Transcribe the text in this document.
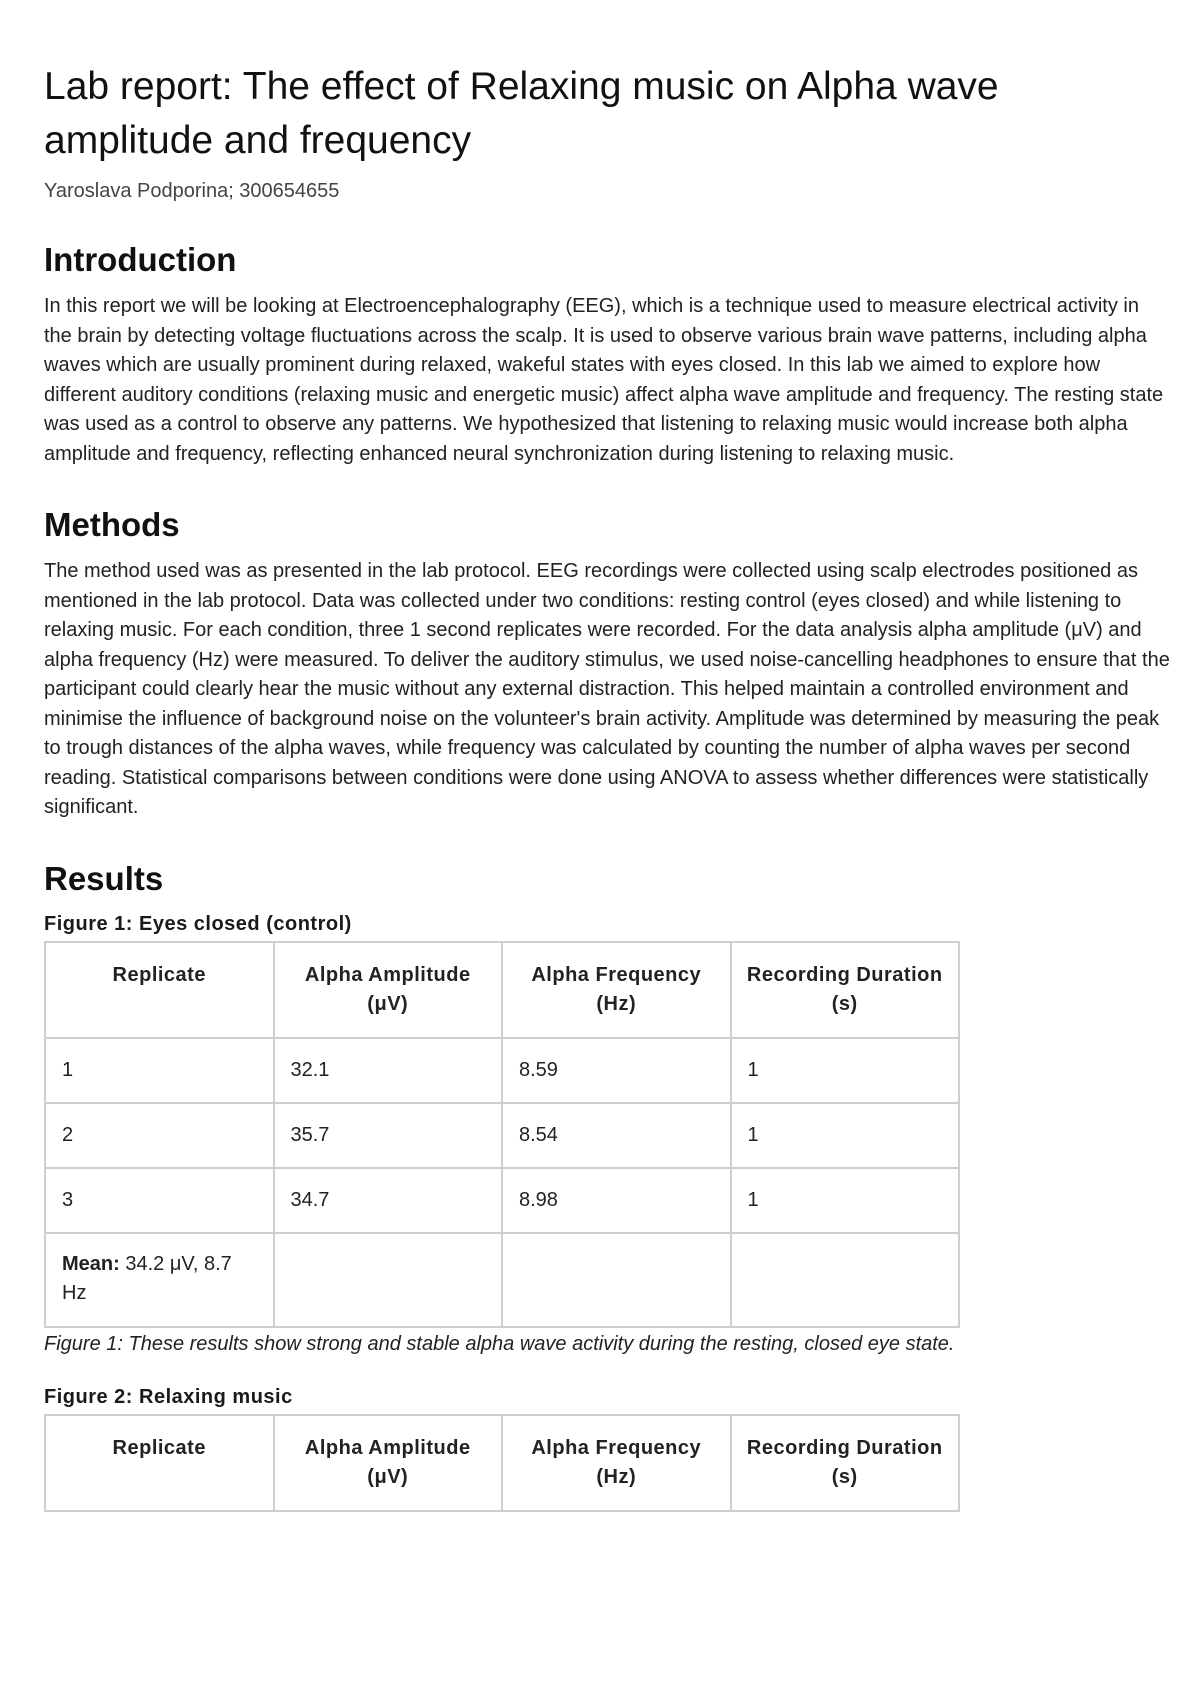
Lab report: The effect of Relaxing music on Alpha wave amplitude and frequency

Yaroslava Podporina; 300654655

Introduction

In this report we will be looking at Electroencephalography (EEG), which is a technique used to measure electrical activity in the brain by detecting voltage fluctuations across the scalp. It is used to observe various brain wave patterns, including alpha waves which are usually prominent during relaxed, wakeful states with eyes closed. In this lab we aimed to explore how different auditory conditions (relaxing music and energetic music) affect alpha wave amplitude and frequency. The resting state was used as a control to observe any patterns. We hypothesized that listening to relaxing music would increase both alpha amplitude and frequency, reflecting enhanced neural synchronization during listening to relaxing music.

Methods

The method used was as presented in the lab protocol. EEG recordings were collected using scalp electrodes positioned as mentioned in the lab protocol. Data was collected under two conditions: resting control (eyes closed) and while listening to relaxing music. For each condition, three 1 second replicates were recorded. For the data analysis alpha amplitude (μV) and alpha frequency (Hz) were measured. To deliver the auditory stimulus, we used noise-cancelling headphones to ensure that the participant could clearly hear the music without any external distraction. This helped maintain a controlled environment and minimise the influence of background noise on the volunteer's brain activity. Amplitude was determined by measuring the peak to trough distances of the alpha waves, while frequency was calculated by counting the number of alpha waves per second reading. Statistical comparisons between conditions were done using ANOVA to assess whether differences were statistically significant.

Results
Figure 1: Eyes closed (control)
Replicate	Alpha Amplitude (μV)	Alpha Frequency (Hz)	Recording Duration (s)
1	32.1	8.59	1
2	35.7	8.54	1
3	34.7	8.98	1
Mean: 34.2 μV, 8.7 Hz			

Figure 1: These results show strong and stable alpha wave activity during the resting, closed eye state.

Figure 2: Relaxing music
Replicate	Alpha Amplitude (μV)	Alpha Frequency (Hz)	Recording Duration (s)
